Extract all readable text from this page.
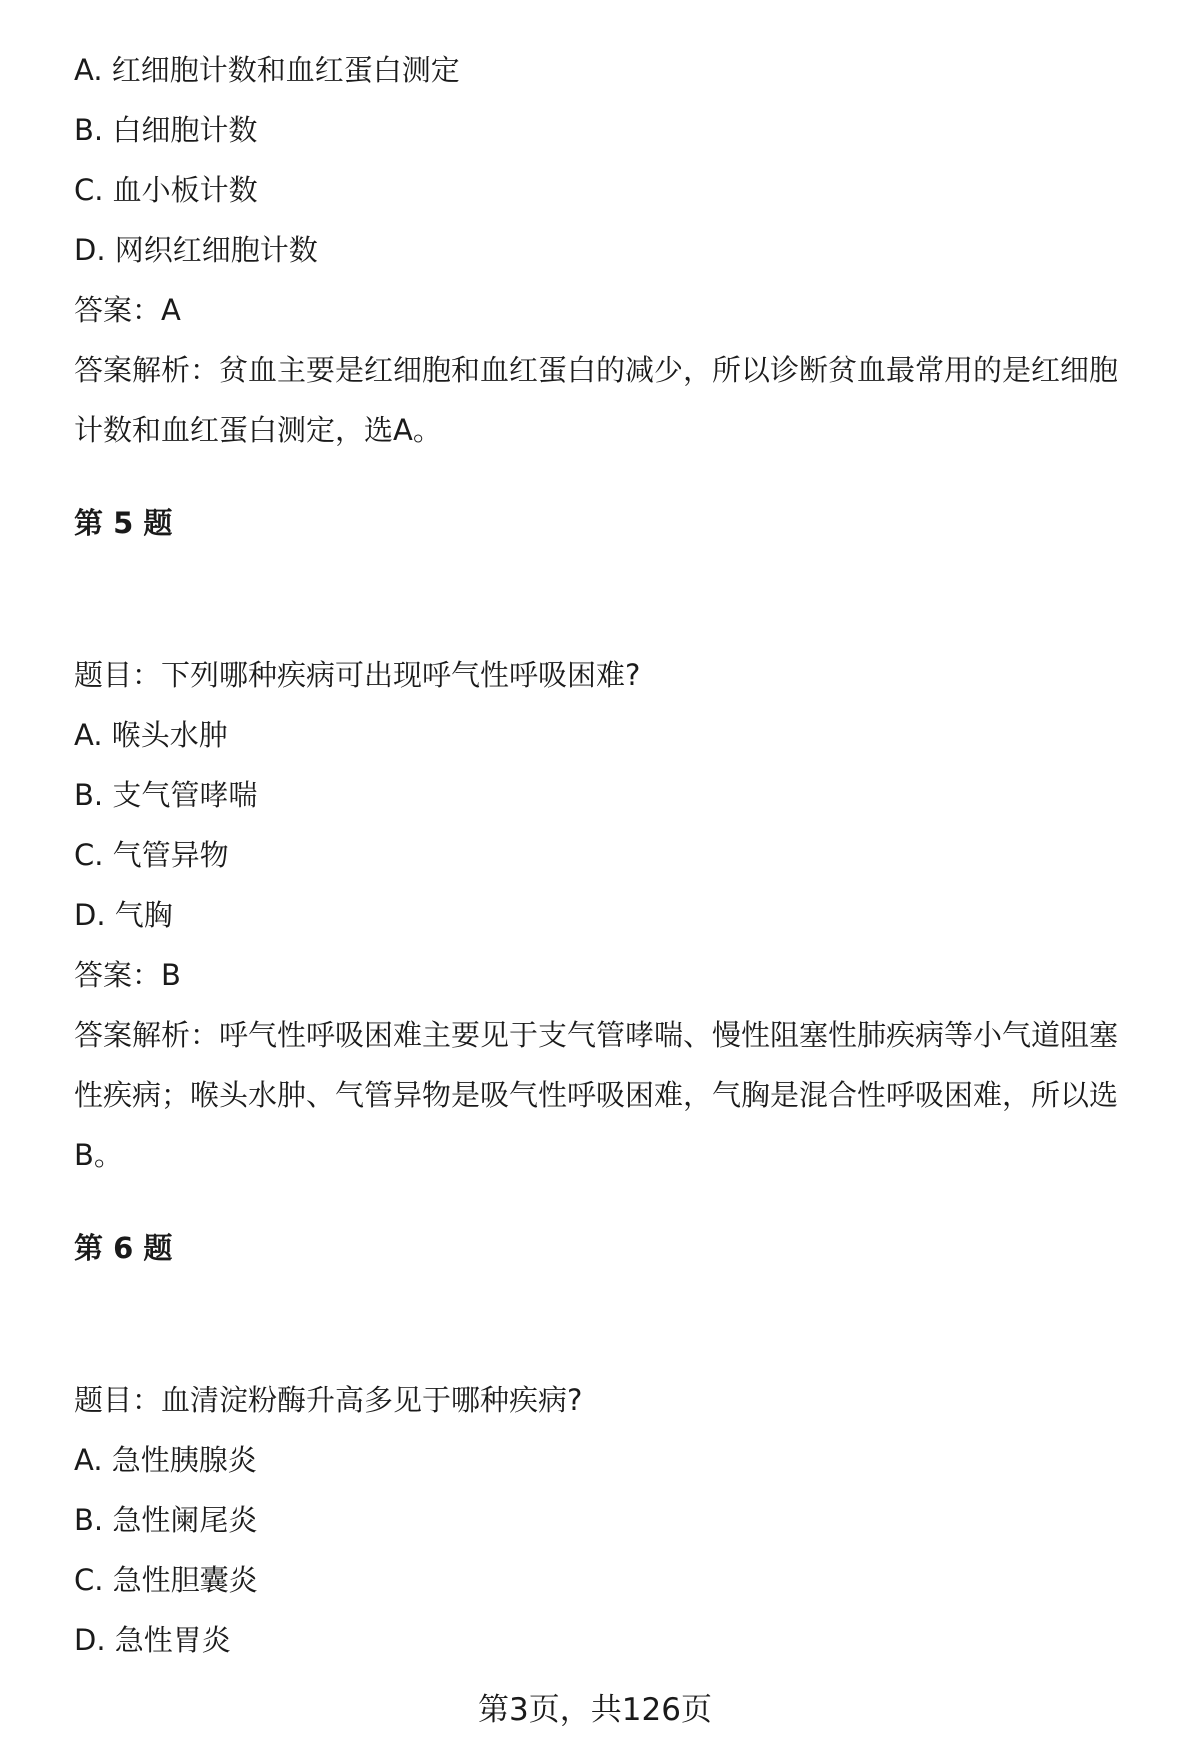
A. 红细胞计数和血红蛋白测定
B. 白细胞计数
C. 血小板计数
D. 网织红细胞计数
答案：A
答案解析：贫血主要是红细胞和血红蛋白的减少，所以诊断贫血最常用的是红细胞
计数和血红蛋白测定，选A。
第 5 题
题目：下列哪种疾病可出现呼气性呼吸困难?
A. 喉头水肿
B. 支气管哮喘
C. 气管异物
D. 气胸
答案：B
答案解析：呼气性呼吸困难主要见于支气管哮喘、慢性阻塞性肺疾病等小气道阻塞
性疾病；喉头水肿、气管异物是吸气性呼吸困难，气胸是混合性呼吸困难，所以选
B。
第 6 题
题目：血清淀粉酶升高多见于哪种疾病?
A. 急性胰腺炎
B. 急性阑尾炎
C. 急性胆囊炎
D. 急性胃炎
第3页，共126页
